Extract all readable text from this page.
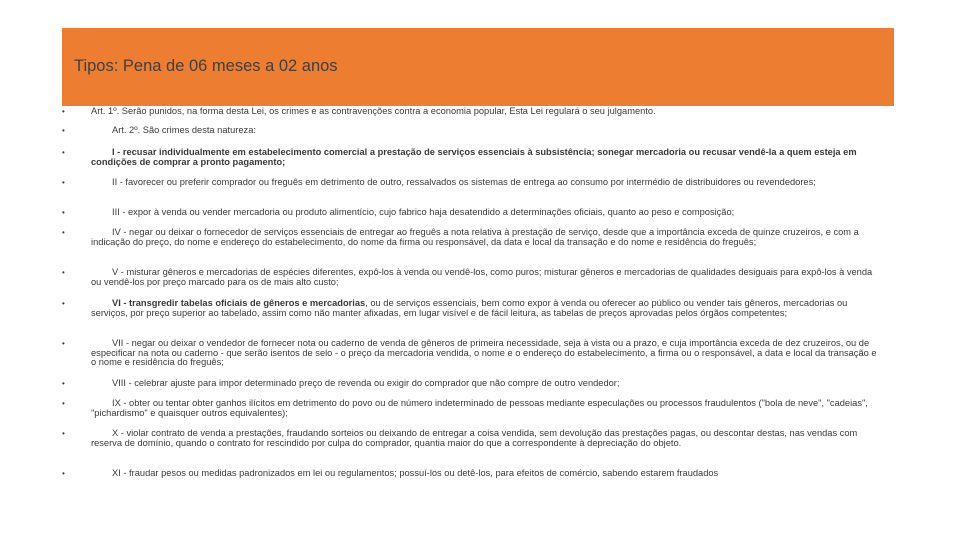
Tipos: Pena de 06 meses a 02 anos
•	Art. 1º. Serão punidos, na forma desta Lei, os crimes e as contravenções contra a economia popular, Esta Lei regulará o seu julgamento.
•	Art. 2º. São crimes desta natureza:
•	I - recusar individualmente em estabelecimento comercial a prestação de serviços essenciais à subsistência; sonegar mercadoria ou recusar vendê-la a quem esteja em condições de comprar a pronto pagamento;
•	II - favorecer ou preferir comprador ou freguês em detrimento de outro, ressalvados os sistemas de entrega ao consumo por intermédio de distribuidores ou revendedores;
•	III - expor à venda ou vender mercadoria ou produto alimentício, cujo fabrico haja desatendido a determinações oficiais, quanto ao peso e composição;
•	IV - negar ou deixar o fornecedor de serviços essenciais de entregar ao freguês a nota relativa à prestação de serviço, desde que a importância exceda de quinze cruzeiros, e com a indicação do preço, do nome e endereço do estabelecimento, do nome da firma ou responsável, da data e local da transação e do nome e residência do freguês;
•	V - misturar gêneros e mercadorias de espécies diferentes, expô-los à venda ou vendê-los, como puros; misturar gêneros e mercadorias de qualidades desiguais para expô-los à venda ou vendê-los por preço marcado para os de mais alto custo;
•	VI - transgredir tabelas oficiais de gêneros e mercadorias, ou de serviços essenciais, bem como expor à venda ou oferecer ao público ou vender tais gêneros, mercadorias ou serviços, por preço superior ao tabelado, assim como não manter afixadas, em lugar visível e de fácil leitura, as tabelas de preços aprovadas pelos órgãos competentes;
•	VII - negar ou deixar o vendedor de fornecer nota ou caderno de venda de gêneros de primeira necessidade, seja à vista ou a prazo, e cuja importância exceda de dez cruzeiros, ou de especificar na nota ou caderno - que serão isentos de selo - o preço da mercadoria vendida, o nome e o endereço do estabelecimento, a firma ou o responsável, a data e local da transação e o nome e residência do freguês;
•	VIII - celebrar ajuste para impor determinado preço de revenda ou exigir do comprador que não compre de outro vendedor;
•	IX - obter ou tentar obter ganhos ilícitos em detrimento do povo ou de número indeterminado de pessoas mediante especulações ou processos fraudulentos ("bola de neve", "cadeias", "pichardismo" e quaisquer outros equivalentes);
•	X - violar contrato de venda a prestações, fraudando sorteios ou deixando de entregar a coisa vendida, sem devolução das prestações pagas, ou descontar destas, nas vendas com reserva de domínio, quando o contrato for rescindido por culpa do comprador, quantia maior do que a correspondente à depreciação do objeto.
•	XI - fraudar pesos ou medidas padronizados em lei ou regulamentos; possuí-los ou detê-los, para efeitos de comércio, sabendo estarem fraudados
